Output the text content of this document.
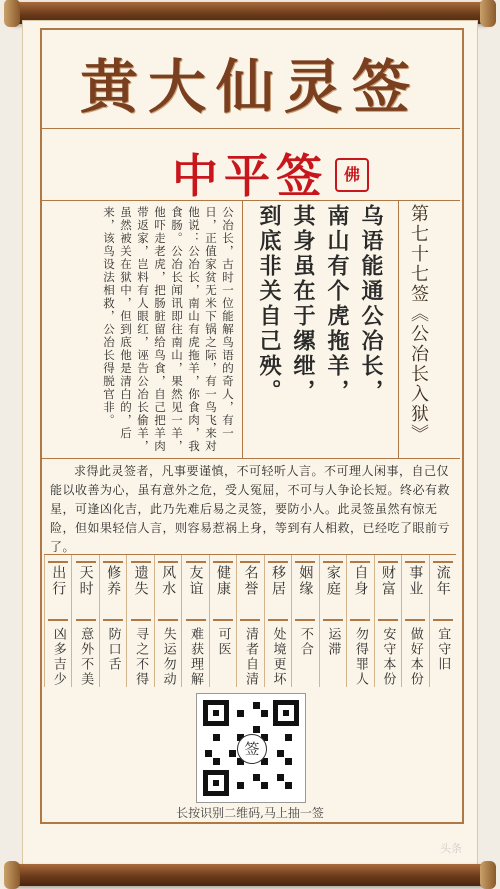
黄大仙灵签
中平签 佛
公冶长，古时一位能解鸟语的奇人，有一日，正值家贫无米下锅之际，有一鸟飞来对他说：公冶长，南山有虎拖羊，你食肉，我食肠。公冶长闻讯即往南山，果然见一羊，他吓走老虎，把肠脏留给鸟食，自己把羊肉带返家，岂料有人眼红，诬告公冶长偷羊，虽然被关在狱中，但到底他是清白的，后来，该鸟设法相救，公冶长得脱官非。	乌语能通公冶长，
南山有个虎拖羊，
其身虽在于缧绁，
到底非关自己殃。	第七十七签《公冶长入狱》
求得此灵签者，凡事要谨慎，不可轻听人言。不可理人闲事，自己仅能以收善为心，虽有意外之危，受人冤屈，不可与人争论长短。终必有救星，可逢凶化吉，此乃先难后易之灵签，要防小人。此灵签虽然有惊无险，但如果轻信人言，则容易惹祸上身，等到有人相救，已经吃了眼前亏了。
流年
宜守旧
事业
做好本份
财富
安守本份
自身
勿得罪人
家庭
运滞
姻缘
不合
移居
处境更坏
名誉
清者自清
健康
可医
友谊
难获理解
风水
失运勿动
遗失
寻之不得
修养
防口舌
天时
意外不美
出行
凶多吉少
签
长按识别二维码,马上抽一签
头条
